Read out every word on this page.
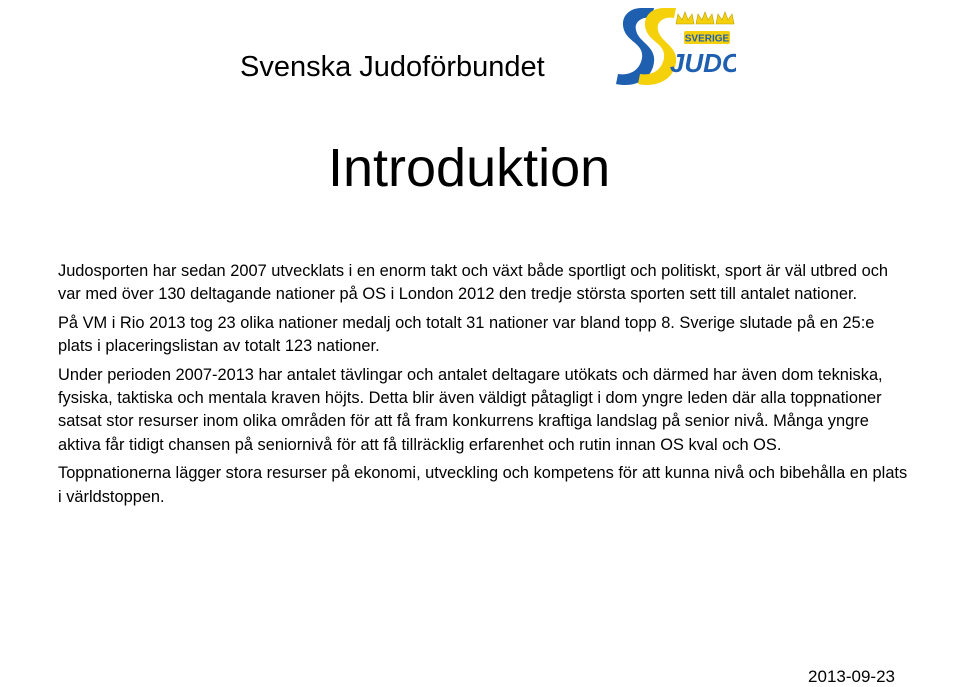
Svenska Judoförbundet
SVERIGE
JUDO
Introduktion

Judosporten har sedan 2007 utvecklats i en enorm takt och växt både sportligt och politiskt, sport är väl utbred och var med över 130 deltagande nationer på OS i London 2012 den tredje största sporten sett till antalet nationer.

På VM i Rio 2013 tog 23 olika nationer medalj och totalt 31 nationer var bland topp 8. Sverige slutade på en 25:e plats i placeringslistan av totalt 123 nationer.

Under perioden 2007-2013 har antalet tävlingar och antalet deltagare utökats och därmed har även dom tekniska, fysiska, taktiska och mentala kraven höjts. Detta blir även väldigt påtagligt i dom yngre leden där alla toppnationer satsat stor resurser inom olika områden för att få fram konkurrens kraftiga landslag på senior nivå. Många yngre aktiva får tidigt chansen på seniornivå för att få tillräcklig erfarenhet och rutin innan OS kval och OS.

Toppnationerna lägger stora resurser på ekonomi, utveckling och kompetens för att kunna nivå och bibehålla en plats i världstoppen.

2013-09-23
